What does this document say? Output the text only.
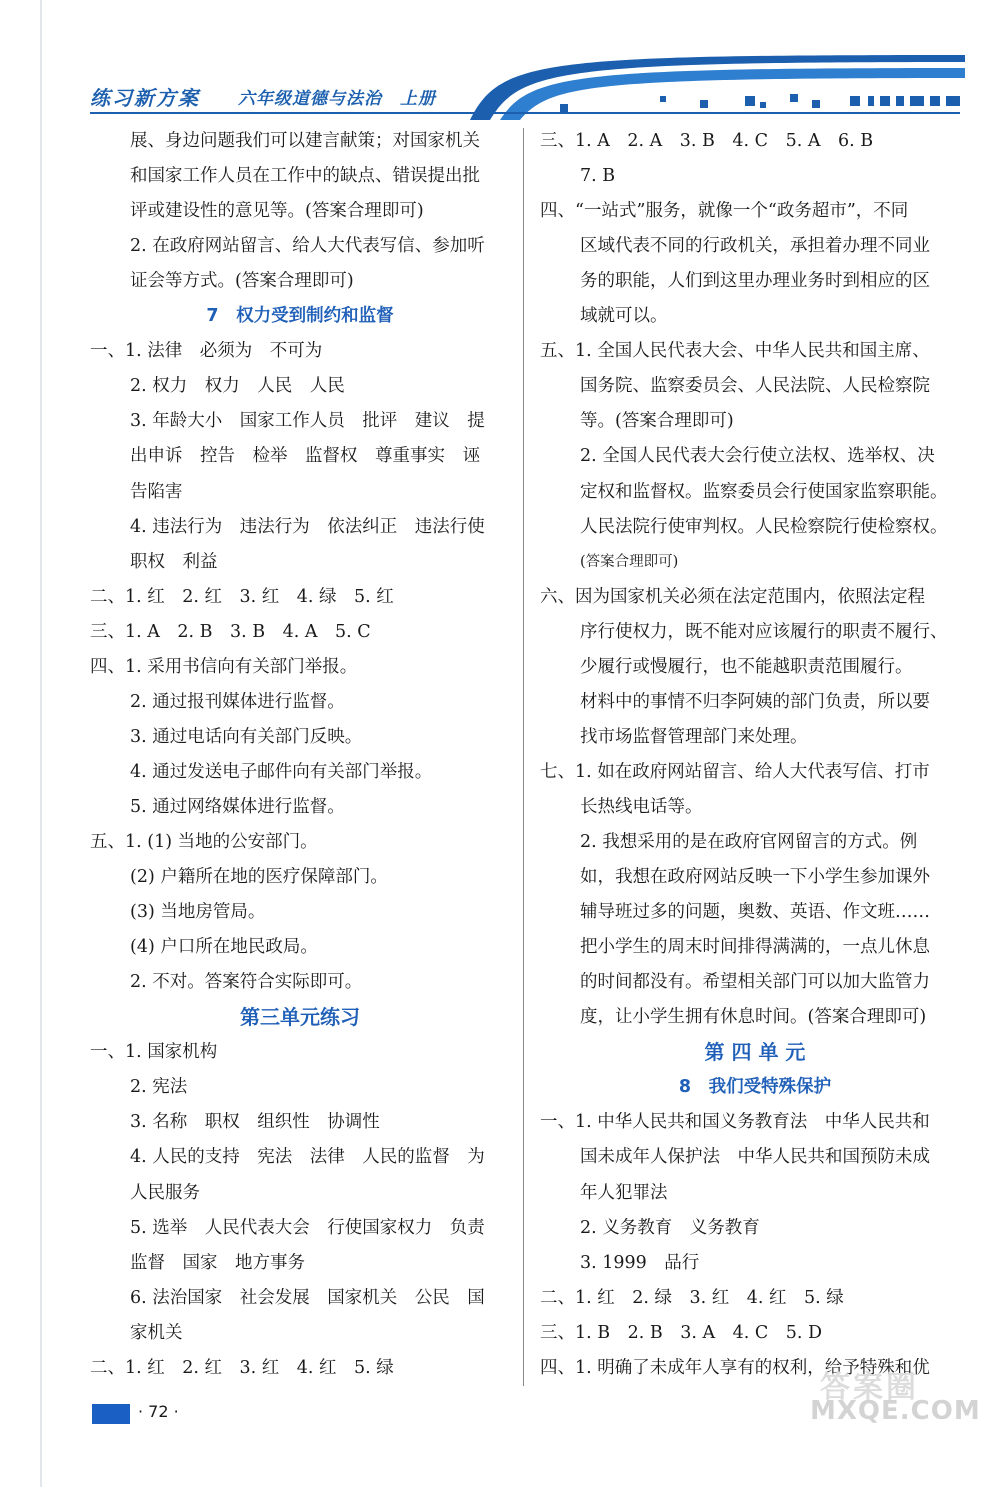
练习新方案 六年级道德与法治　上册
展、身边问题我们可以建言献策；对国家机关
和国家工作人员在工作中的缺点、错误提出批
评或建设性的意见等。(答案合理即可)
2. 在政府网站留言、给人大代表写信、参加听
证会等方式。(答案合理即可)
7　权力受到制约和监督
一、1. 法律　必须为　不可为
2. 权力　权力　人民　人民
3. 年龄大小　国家工作人员　批评　建议　提
出申诉　控告　检举　监督权　尊重事实　诬
告陷害
4. 违法行为　违法行为　依法纠正　违法行使
职权　利益
二、1. 红　2. 红　3. 红　4. 绿　5. 红
三、1. A　2. B　3. B　4. A　5. C
四、1. 采用书信向有关部门举报。
2. 通过报刊媒体进行监督。
3. 通过电话向有关部门反映。
4. 通过发送电子邮件向有关部门举报。
5. 通过网络媒体进行监督。
五、1. (1) 当地的公安部门。
(2) 户籍所在地的医疗保障部门。
(3) 当地房管局。
(4) 户口所在地民政局。
2. 不对。答案符合实际即可。
第三单元练习
一、1. 国家机构
2. 宪法
3. 名称　职权　组织性　协调性
4. 人民的支持　宪法　法律　人民的监督　为
人民服务
5. 选举　人民代表大会　行使国家权力　负责
监督　国家　地方事务
6. 法治国家　社会发展　国家机关　公民　国
家机关
二、1. 红　2. 红　3. 红　4. 红　5. 绿
三、1. A　2. A　3. B　4. C　5. A　6. B
7. B
四、“一站式”服务，就像一个“政务超市”，不同
区域代表不同的行政机关，承担着办理不同业
务的职能，人们到这里办理业务时到相应的区
域就可以。
五、1. 全国人民代表大会、中华人民共和国主席、
国务院、监察委员会、人民法院、人民检察院
等。(答案合理即可)
2. 全国人民代表大会行使立法权、选举权、决
定权和监督权。监察委员会行使国家监察职能。
人民法院行使审判权。人民检察院行使检察权。
(答案合理即可)
六、因为国家机关必须在法定范围内，依照法定程
序行使权力，既不能对应该履行的职责不履行、
少履行或慢履行，也不能越职责范围履行。
材料中的事情不归李阿姨的部门负责，所以要
找市场监督管理部门来处理。
七、1. 如在政府网站留言、给人大代表写信、打市
长热线电话等。
2. 我想采用的是在政府官网留言的方式。例
如，我想在政府网站反映一下小学生参加课外
辅导班过多的问题，奥数、英语、作文班……
把小学生的周末时间排得满满的，一点儿休息
的时间都没有。希望相关部门可以加大监管力
度，让小学生拥有休息时间。(答案合理即可)
第 四 单 元
8　我们受特殊保护
一、1. 中华人民共和国义务教育法　中华人民共和
国未成年人保护法　中华人民共和国预防未成
年人犯罪法
2. 义务教育　义务教育
3. 1999　品行
二、1. 红　2. 绿　3. 红　4. 红　5. 绿
三、1. B　2. B　3. A　4. C　5. D
四、1. 明确了未成年人享有的权利，给予特殊和优
· 72 ·
答案圈
MXQE.COM
